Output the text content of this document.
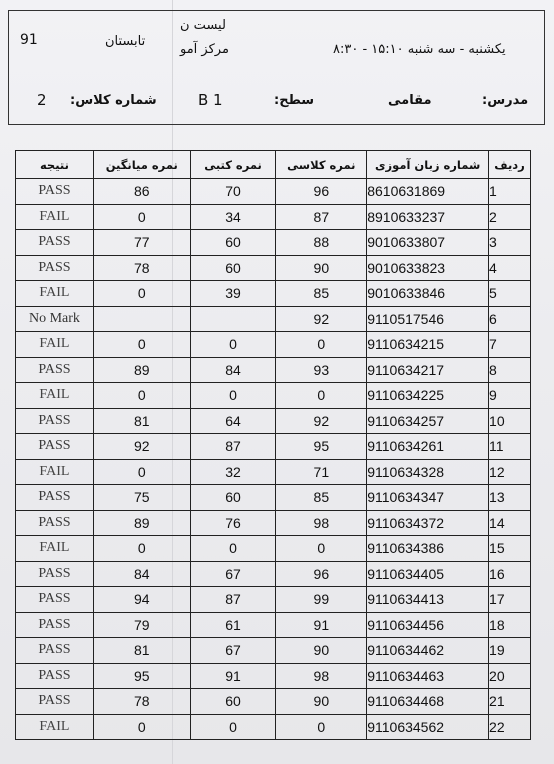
91	تابستان
لیست ن
مرکز آمو	یکشنبه - سه شنبه ۱۵:۱۰ - ۸:۳۰
مدرس:
مقامی
سطح:
B 1
شماره کلاس:
2
ردیف	شماره زبان آموزی	نمره کلاسی	نمره کتبی	نمره میانگین	نتیجه
1	8610631869	96	70	86	PASS
2	8910633237	87	34	0	FAIL
3	9010633807	88	60	77	PASS
4	9010633823	90	60	78	PASS
5	9010633846	85	39	0	FAIL
6	9110517546	92			No Mark
7	9110634215	0	0	0	FAIL
8	9110634217	93	84	89	PASS
9	9110634225	0	0	0	FAIL
10	9110634257	92	64	81	PASS
11	9110634261	95	87	92	PASS
12	9110634328	71	32	0	FAIL
13	9110634347	85	60	75	PASS
14	9110634372	98	76	89	PASS
15	9110634386	0	0	0	FAIL
16	9110634405	96	67	84	PASS
17	9110634413	99	87	94	PASS
18	9110634456	91	61	79	PASS
19	9110634462	90	67	81	PASS
20	9110634463	98	91	95	PASS
21	9110634468	90	60	78	PASS
22	9110634562	0	0	0	FAIL
